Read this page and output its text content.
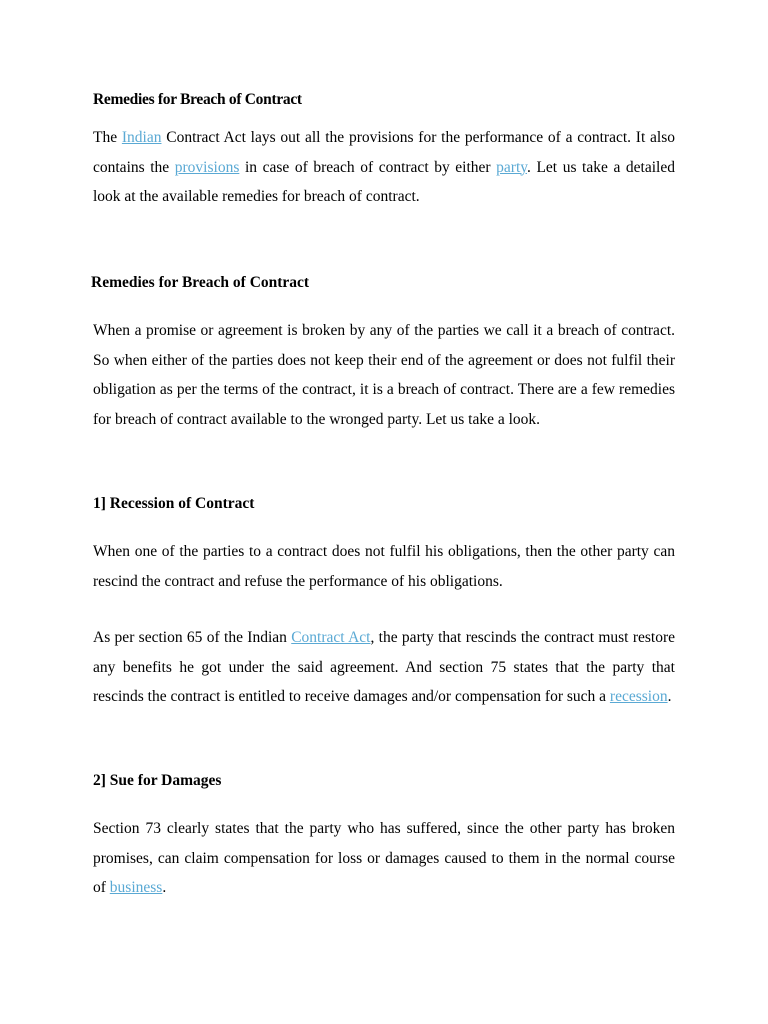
Remedies for Breach of Contract

The Indian Contract Act lays out all the provisions for the performance of a contract. It also contains the provisions in case of breach of contract by either party. Let us take a detailed look at the available remedies for breach of contract.

Remedies for Breach of Contract

When a promise or agreement is broken by any of the parties we call it a breach of contract. So when either of the parties does not keep their end of the agreement or does not fulfil their obligation as per the terms of the contract, it is a breach of contract. There are a few remedies for breach of contract available to the wronged party. Let us take a look.

1] Recession of Contract

When one of the parties to a contract does not fulfil his obligations, then the other party can rescind the contract and refuse the performance of his obligations.

As per section 65 of the Indian Contract Act, the party that rescinds the contract must restore any benefits he got under the said agreement. And section 75 states that the party that rescinds the contract is entitled to receive damages and/or compensation for such a recession.

2] Sue for Damages

Section 73 clearly states that the party who has suffered, since the other party has broken promises, can claim compensation for loss or damages caused to them in the normal course of business.
